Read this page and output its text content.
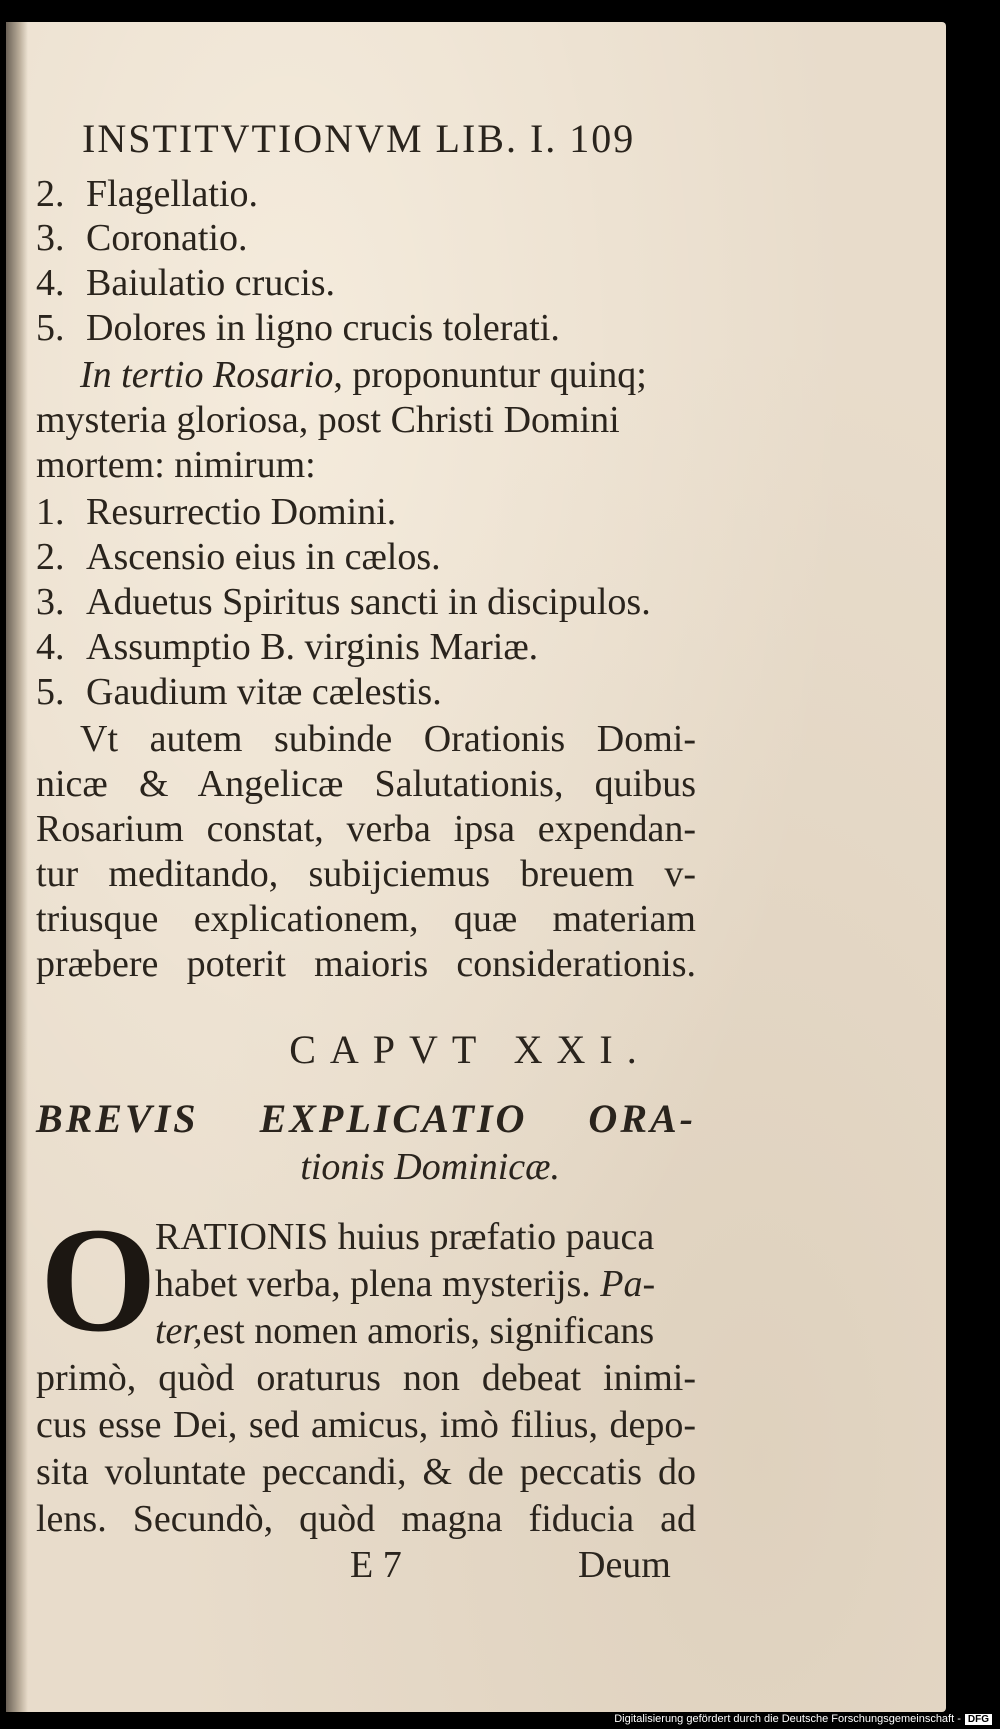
INSTITVTIONVM LIB. I. 109
2. Flagellatio.
3. Coronatio.
4. Baiulatio crucis.
5. Dolores in ligno crucis tolerati.
In tertio Rosario, proponuntur quinq;
mysteria gloriosa, post Christi Domini
mortem: nimirum:
1. Resurrectio Domini.
2. Ascensio eius in cælos.
3. Aduetus Spiritus sancti in discipulos.
4. Assumptio B. virginis Mariæ.
5. Gaudium vitæ cælestis.
Vt autem subinde Orationis Domi-
nicæ & Angelicæ Salutationis, quibus
Rosarium constat, verba ipsa expendan-
tur meditando, subijciemus breuem v-
triusque explicationem, quæ materiam
præbere poterit maioris considerationis.
CAPVT XXI.
BREVIS EXPLICATIO ORA-
tionis Dominicæ.
O
RATIONIS huius præfatio pauca
habet verba, plena mysterijs. Pa-
ter,est nomen amoris, significans
primò, quòd oraturus non debeat inimi-
cus esse Dei, sed amicus, imò filius, depo-
sita voluntate peccandi, & de peccatis do
lens. Secundò, quòd magna fiducia ad
E 7	Deum
Digitalisierung gefördert durch die Deutsche Forschungsgemeinschaft - DFG
